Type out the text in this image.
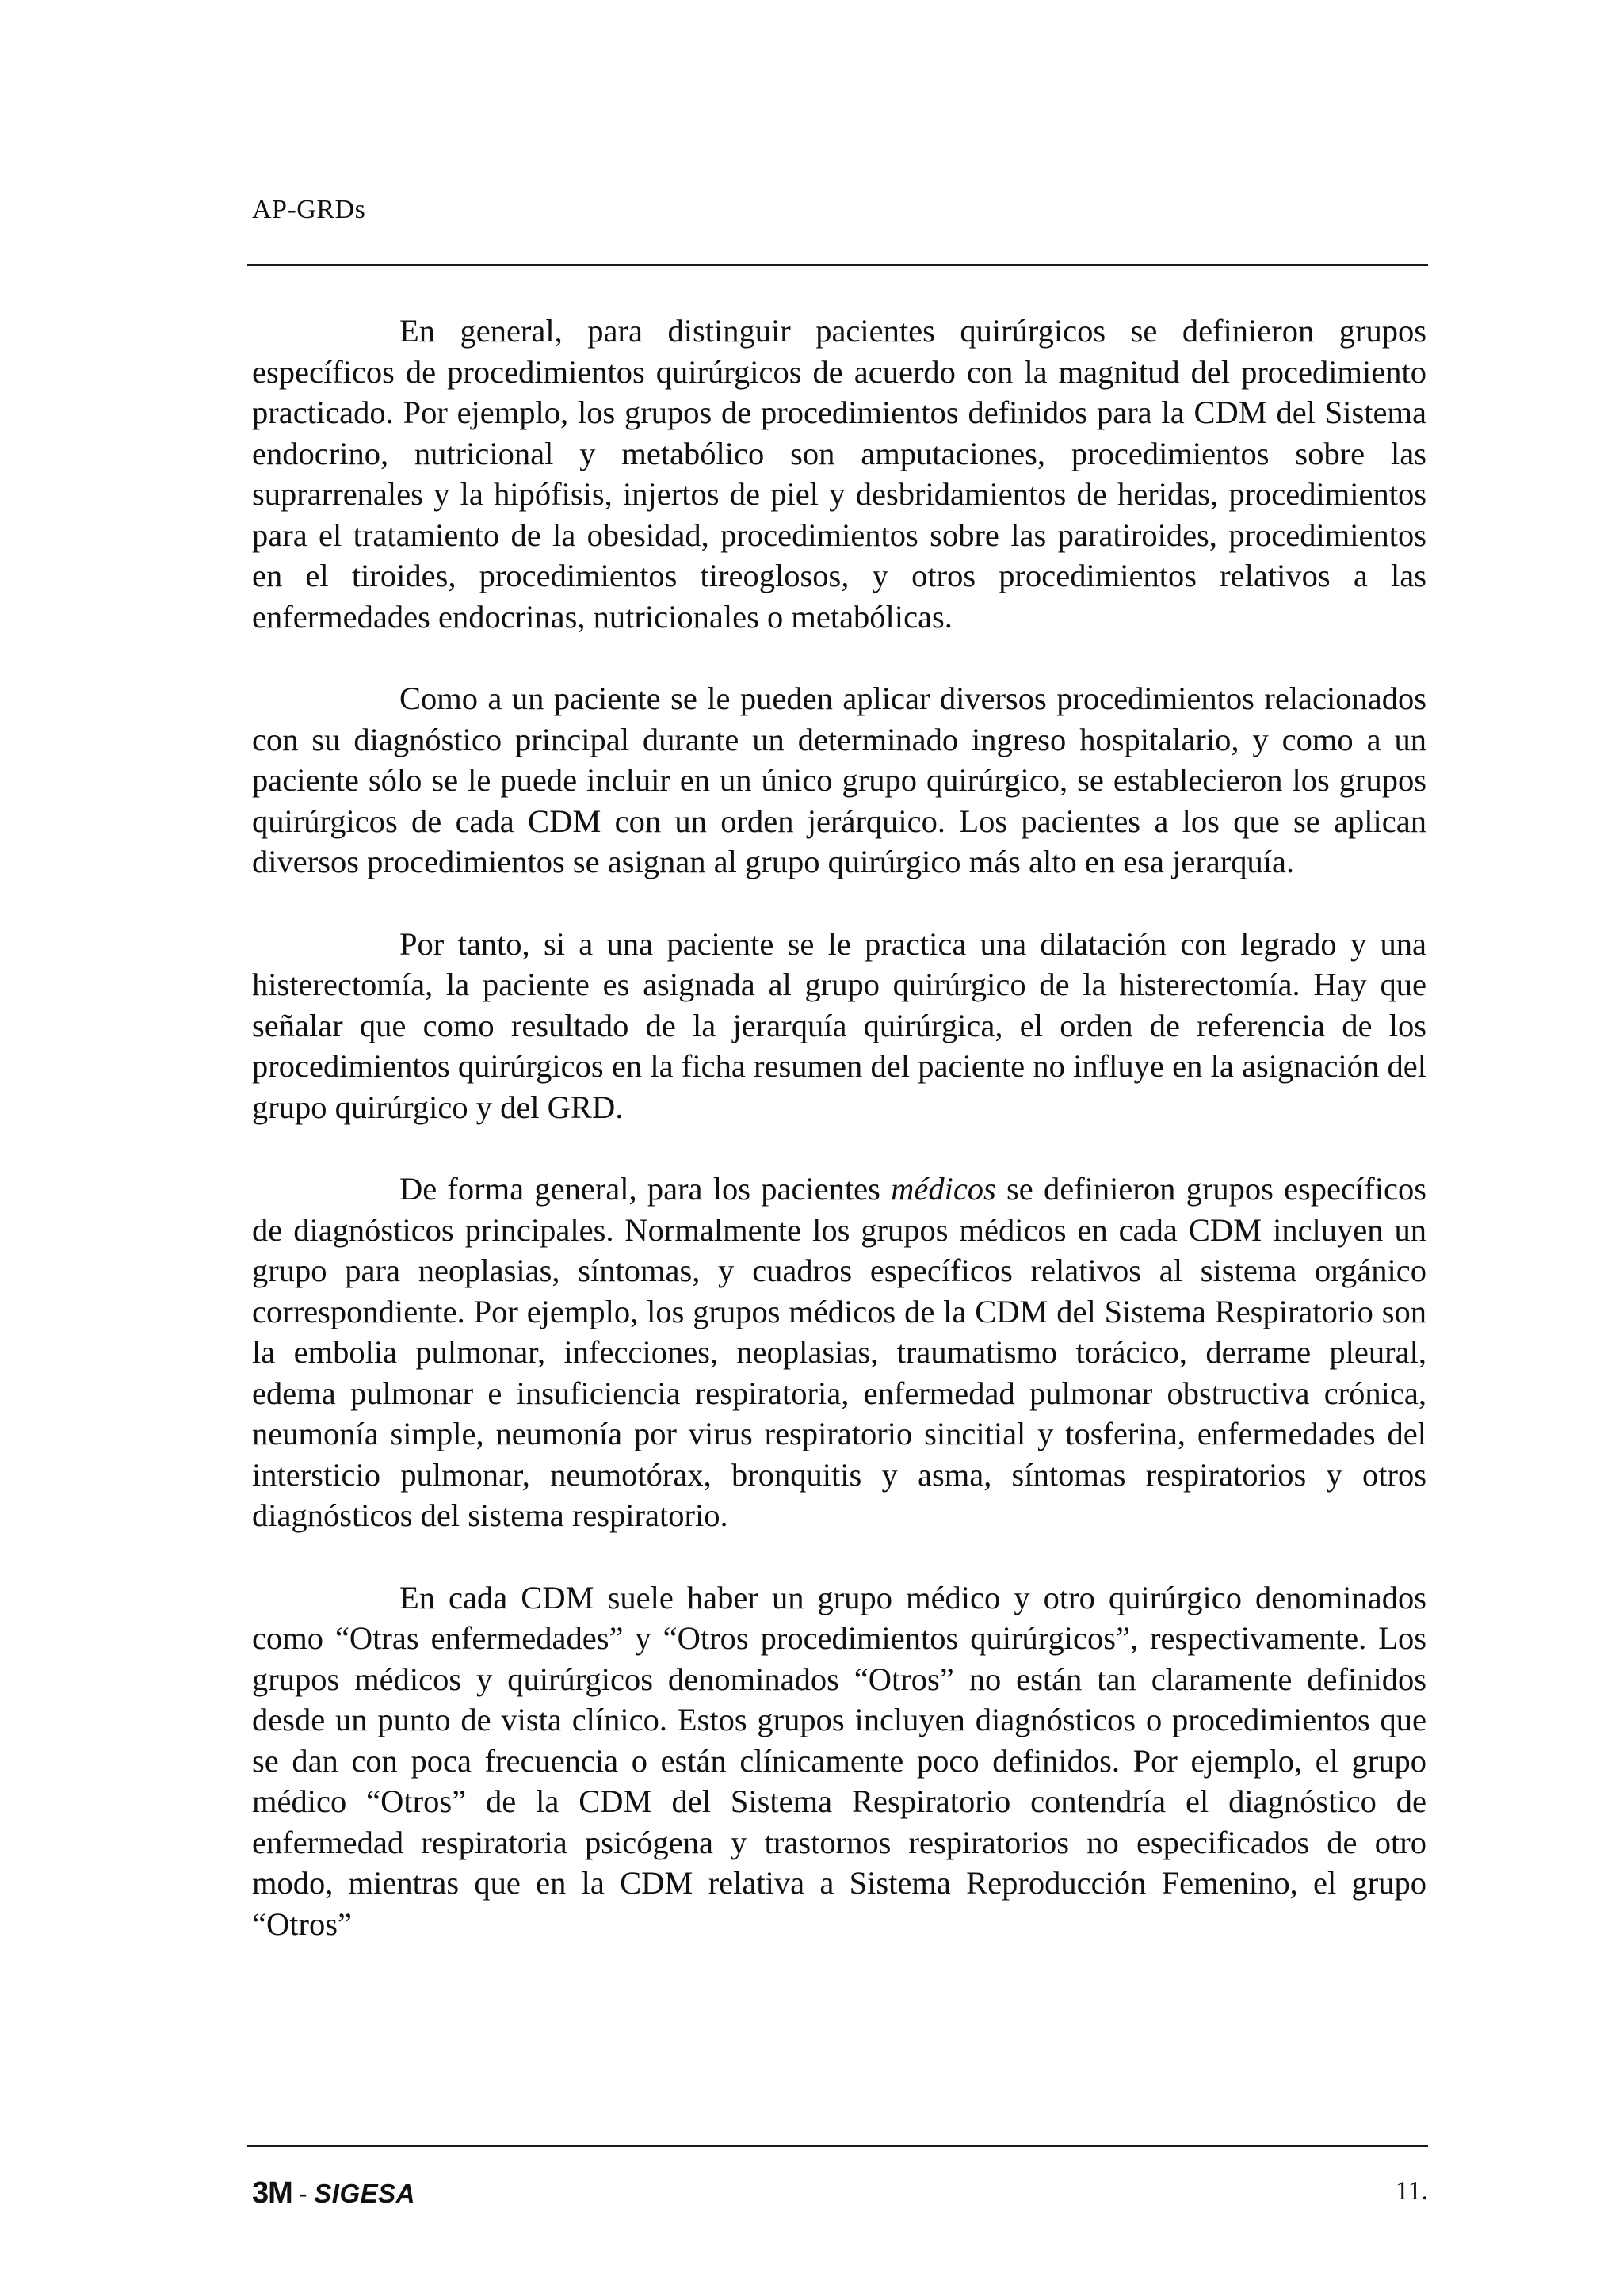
AP-GRDs

En general, para distinguir pacientes quirúrgicos se definieron grupos específicos de procedimientos quirúrgicos de acuerdo con la magnitud del procedimiento practicado. Por ejemplo, los grupos de procedimientos definidos para la CDM del Sistema endocrino, nutricional y metabólico son amputaciones, procedimientos sobre las suprarrenales y la hipófisis, injertos de piel y desbridamientos de heridas, procedimientos para el tratamiento de la obesidad, procedimientos sobre las paratiroides, procedimientos en el tiroides, procedimientos tireoglosos, y otros procedimientos relativos a las enfermedades endocrinas, nutricionales o metabólicas.

Como a un paciente se le pueden aplicar diversos procedimientos relacionados con su diagnóstico principal durante un determinado ingreso hospitalario, y como a un paciente sólo se le puede incluir en un único grupo quirúrgico, se establecieron los grupos quirúrgicos de cada CDM con un orden jerárquico. Los pacientes a los que se aplican diversos procedimientos se asignan al grupo quirúrgico más alto en esa jerarquía.

Por tanto, si a una paciente se le practica una dilatación con legrado y una histerectomía, la paciente es asignada al grupo quirúrgico de la histerectomía. Hay que señalar que como resultado de la jerarquía quirúrgica, el orden de referencia de los procedimientos quirúrgicos en la ficha resumen del paciente no influye en la asignación del grupo quirúrgico y del GRD.

De forma general, para los pacientes médicos se definieron grupos específicos de diagnósticos principales. Normalmente los grupos médicos en cada CDM incluyen un grupo para neoplasias, síntomas, y cuadros específicos relativos al sistema orgánico correspondiente. Por ejemplo, los grupos médicos de la CDM del Sistema Respiratorio son la embolia pulmonar, infecciones, neoplasias, traumatismo torácico, derrame pleural, edema pulmonar e insuficiencia respiratoria, enfermedad pulmonar obstructiva crónica, neumonía simple, neumonía por virus respiratorio sincitial y tosferina, enfermedades del intersticio pulmonar, neumotórax, bronquitis y asma, síntomas respiratorios y otros diagnósticos del sistema respiratorio.

En cada CDM suele haber un grupo médico y otro quirúrgico denominados como “Otras enfermedades” y “Otros procedimientos quirúrgicos”, respectivamente. Los grupos médicos y quirúrgicos denominados “Otros” no están tan claramente definidos desde un punto de vista clínico. Estos grupos incluyen diagnósticos o procedimientos que se dan con poca frecuencia o están clínicamente poco definidos. Por ejemplo, el grupo médico “Otros” de la CDM del Sistema Respiratorio contendría el diagnóstico de enfermedad respiratoria psicógena y trastornos respiratorios no especificados de otro modo, mientras que en la CDM relativa a Sistema Reproducción Femenino, el grupo “Otros”

3M - SIGESA	11.
